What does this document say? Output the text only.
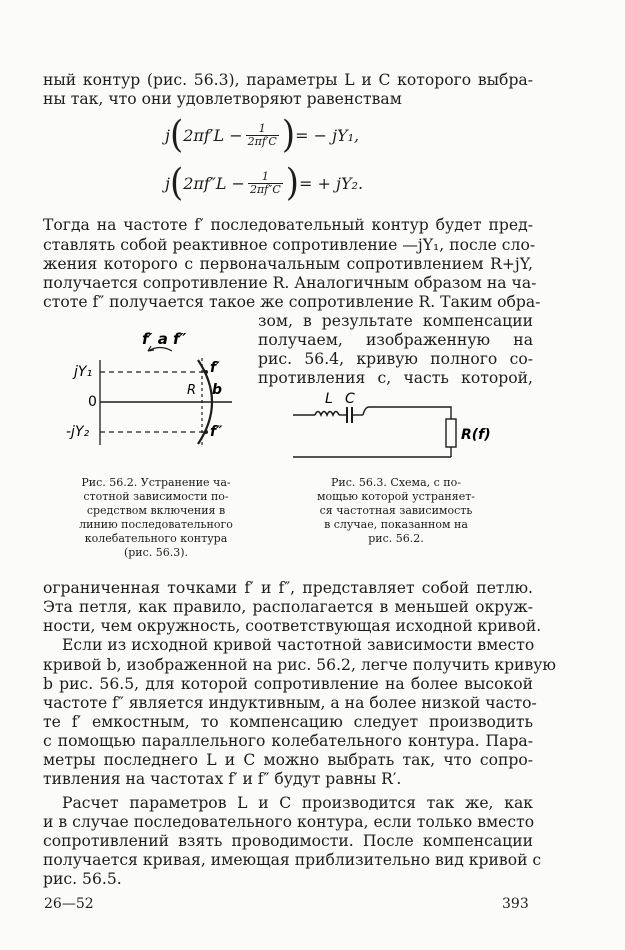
ный контур (рис. 56.3), параметры L и C которого выбра-
ны так, что они удовлетворяют равенствам
j ( $2\pi f'L - \frac{1}{2\pi f'C}$ ) = − jY₁,
j ( $2\pi f''L - \frac{1}{2\pi f''C}$ ) = + jY₂.
Тогда на частоте f′ последовательный контур будет пред-
ставлять собой реактивное сопротивление —jY₁, после сло-
жения которого с первоначальным сопротивлением R+jY,
получается сопротивление R. Аналогичным образом на ча-
стоте f″ получается такое же сопротивление R. Таким обра-
зом, в результате компенсации
получаем, изображенную на
рис. 56.4, кривую полного со-
противления c, часть которой,
f′ a f″
jY₁
0
-jY₂
f′
f″
R b
L C
R(f)
Рис. 56.2. Устранение ча-
стотной зависимости по-
средством включения в
линию последовательного
колебательного контура
(рис. 56.3).
Рис. 56.3. Схема, с по-
мощью которой устраняет-
ся частотная зависимость
в случае, показанном на
рис. 56.2.
ограниченная точками f′ и f″, представляет собой петлю.
Эта петля, как правило, располагается в меньшей окруж-
ности, чем окружность, соответствующая исходной кривой.
Если из исходной кривой частотной зависимости вместо
кривой b, изображенной на рис. 56.2, легче получить кривую
b рис. 56.5, для которой сопротивление на более высокой
частоте f″ является индуктивным, а на более низкой часто-
те f′ емкостным, то компенсацию следует производить
с помощью параллельного колебательного контура. Пара-
метры последнего L и C можно выбрать так, что сопро-
тивления на частотах f′ и f″ будут равны R′.
Расчет параметров L и C производится так же, как
и в случае последовательного контура, если только вместо
сопротивлений взять проводимости. После компенсации
получается кривая, имеющая приблизительно вид кривой c
рис. 56.5.
26—52	393
